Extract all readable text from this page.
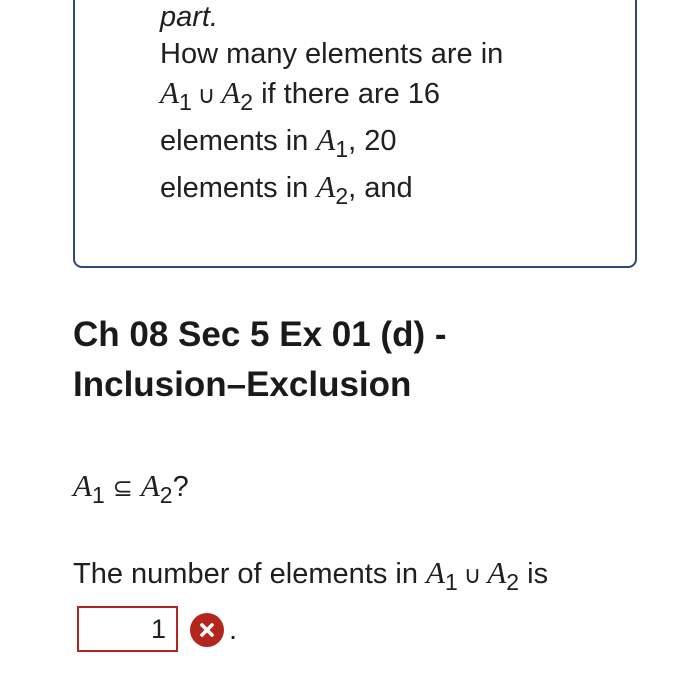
part.
How many elements are in
$A_1$ ∪ $A_2$ if there are 16
elements in $A_1$, 20
elements in $A_2$, and
Ch 08 Sec 5 Ex 01 (d) -
Inclusion–Exclusion
$A_1$ ⊆ $A_2$?
The number of elements in $A_1$ ∪ $A_2$ is
1
.
